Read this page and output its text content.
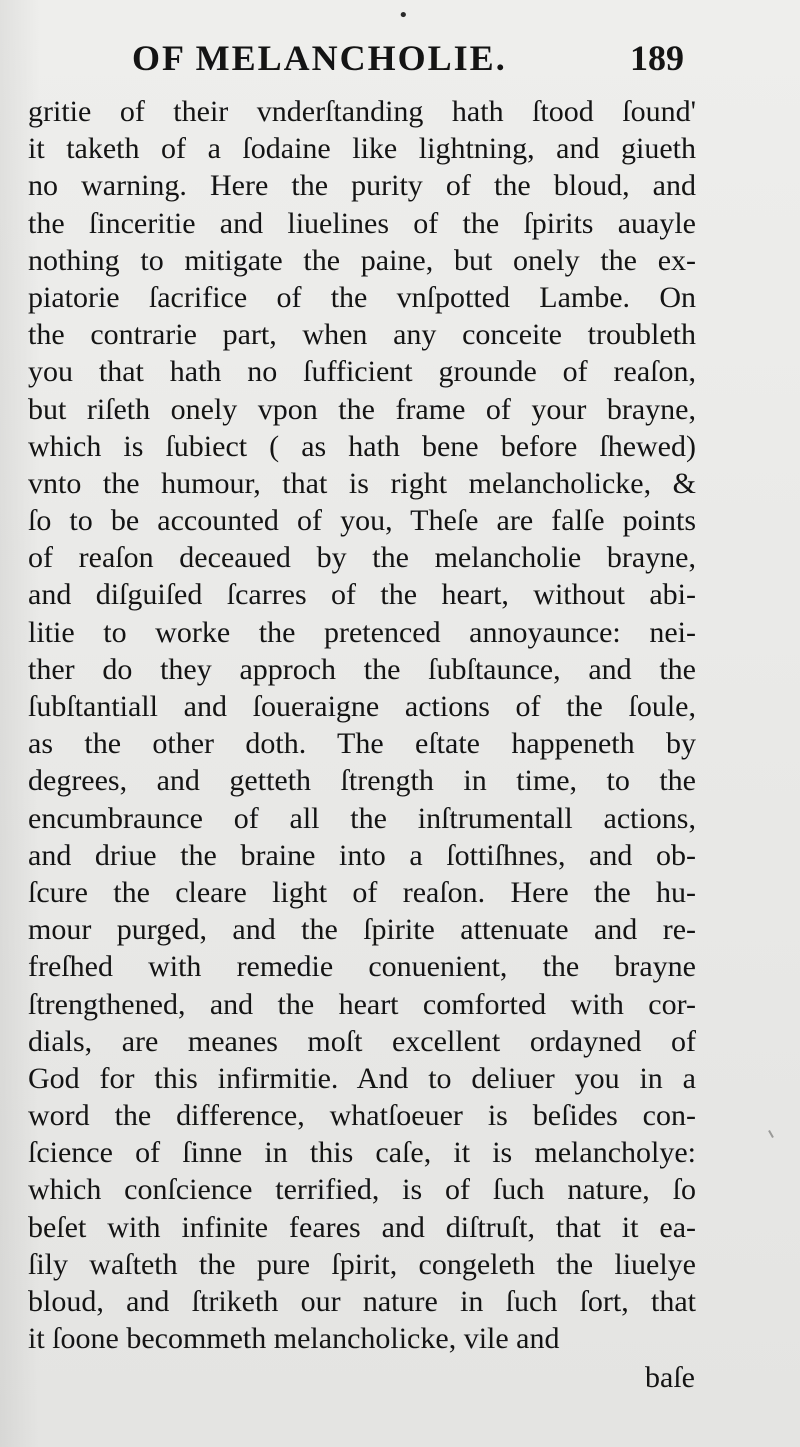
•
OF MELANCHOLIE.	189
gritie of their vnderſtanding hath ſtood ſound'
it taketh of a ſodaine like lightning, and giueth
no warning. Here the purity of the bloud, and
the ſinceritie and liuelines of the ſpirits auayle
nothing to mitigate the paine, but onely the ex-
piatorie ſacrifice of the vnſpotted Lambe. On
the contrarie part, when any conceite troubleth
you that hath no ſufficient grounde of reaſon,
but riſeth onely vpon the frame of your brayne,
which is ſubiect ( as hath bene before ſhewed)
vnto the humour, that is right melancholicke, &
ſo to be accounted of you, Theſe are falſe points
of reaſon deceaued by the melancholie brayne,
and diſguiſed ſcarres of the heart, without abi-
litie to worke the pretenced annoyaunce: nei-
ther do they approch the ſubſtaunce, and the
ſubſtantiall and ſoueraigne actions of the ſoule,
as the other doth. The eſtate happeneth by
degrees, and getteth ſtrength in time, to the
encumbraunce of all the inſtrumentall actions,
and driue the braine into a ſottiſhnes, and ob-
ſcure the cleare light of reaſon. Here the hu-
mour purged, and the ſpirite attenuate and re-
freſhed with remedie conuenient, the brayne
ſtrengthened, and the heart comforted with cor-
dials, are meanes moſt excellent ordayned of
God for this infirmitie. And to deliuer you in a
word the difference, whatſoeuer is beſides con-
ſcience of ſinne in this caſe, it is melancholye:
which conſcience terrified, is of ſuch nature, ſo
beſet with infinite feares and diſtruſt, that it ea-
ſily waſteth the pure ſpirit, congeleth the liuelye
bloud, and ſtriketh our nature in ſuch ſort, that
it ſoone becommeth melancholicke, vile and
baſe
